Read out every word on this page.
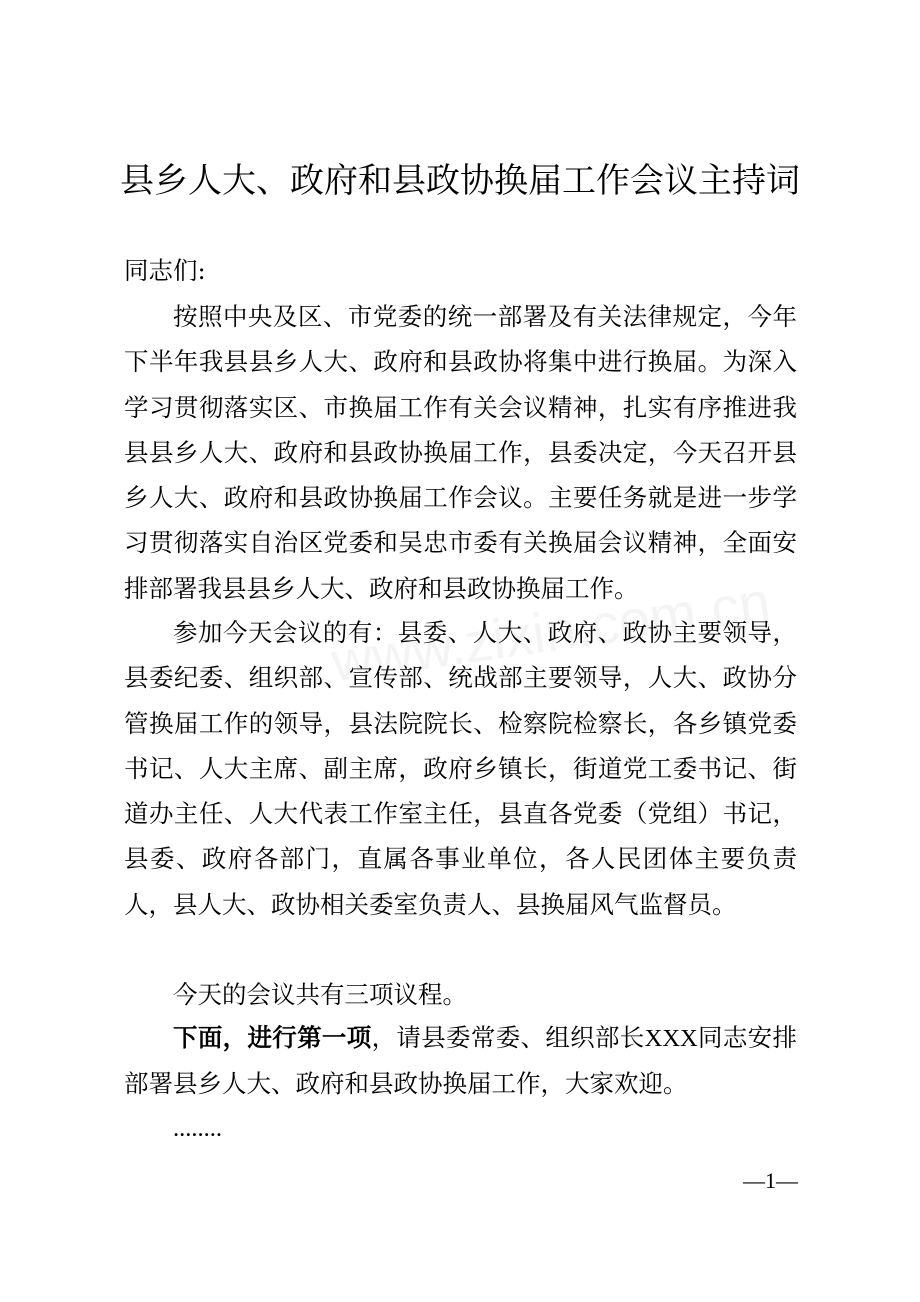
县乡人大、政府和县政协换届工作会议主持词
同志们:
按照中央及区、市党委的统一部署及有关法律规定，今年下半年我县县乡人大、政府和县政协将集中进行换届。为深入学习贯彻落实区、市换届工作有关会议精神，扎实有序推进我县县乡人大、政府和县政协换届工作，县委决定，今天召开县乡人大、政府和县政协换届工作会议。主要任务就是进一步学习贯彻落实自治区党委和吴忠市委有关换届会议精神，全面安排部署我县县乡人大、政府和县政协换届工作。
参加今天会议的有：县委、人大、政府、政协主要领导，县委纪委、组织部、宣传部、统战部主要领导，人大、政协分管换届工作的领导，县法院院长、检察院检察长，各乡镇党委书记、人大主席、副主席，政府乡镇长，街道党工委书记、街道办主任、人大代表工作室主任，县直各党委（党组）书记，县委、政府各部门，直属各事业单位，各人民团体主要负责人，县人大、政协相关委室负责人、县换届风气监督员。
今天的会议共有三项议程。
下面，进行第一项，请县委常委、组织部长XXX同志安排部署县乡人大、政府和县政协换届工作，大家欢迎。
........
—1—
